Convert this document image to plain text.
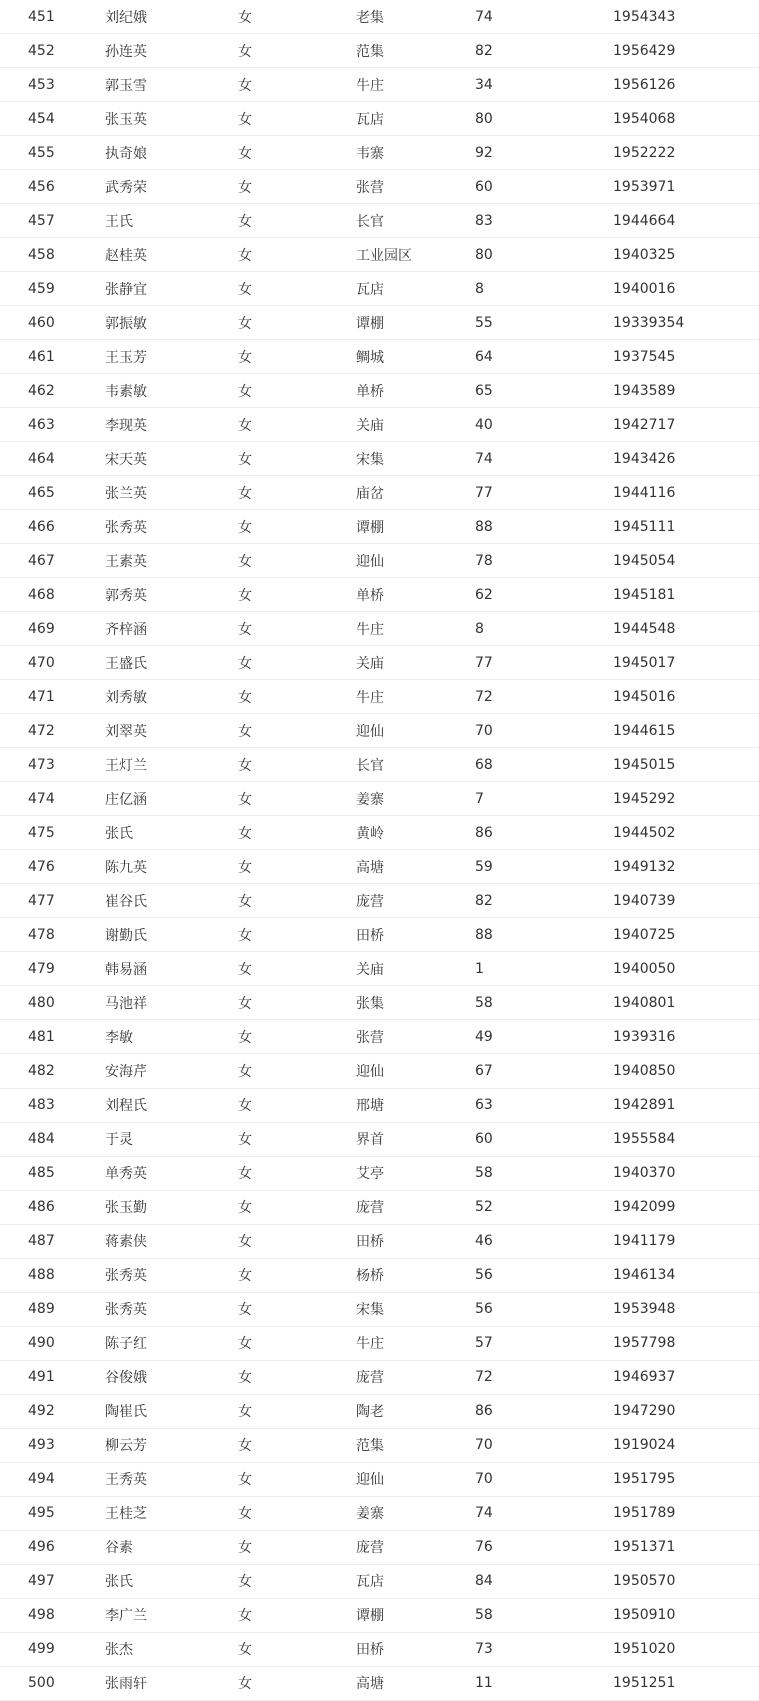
451	刘纪娥	女	老集	74	1954343
452	孙连英	女	范集	82	1956429
453	郭玉雪	女	牛庄	34	1956126
454	张玉英	女	瓦店	80	1954068
455	执奇娘	女	韦寨	92	1952222
456	武秀荣	女	张营	60	1953971
457	王氏	女	长官	83	1944664
458	赵桂英	女	工业园区	80	1940325
459	张静宜	女	瓦店	8	1940016
460	郭振敏	女	谭棚	55	19339354
461	王玉芳	女	鲷城	64	1937545
462	韦素敏	女	单桥	65	1943589
463	李现英	女	关庙	40	1942717
464	宋天英	女	宋集	74	1943426
465	张兰英	女	庙岔	77	1944116
466	张秀英	女	谭棚	88	1945111
467	王素英	女	迎仙	78	1945054
468	郭秀英	女	单桥	62	1945181
469	齐梓涵	女	牛庄	8	1944548
470	王盛氏	女	关庙	77	1945017
471	刘秀敏	女	牛庄	72	1945016
472	刘翠英	女	迎仙	70	1944615
473	王灯兰	女	长官	68	1945015
474	庄亿涵	女	姜寨	7	1945292
475	张氏	女	黄岭	86	1944502
476	陈九英	女	高塘	59	1949132
477	崔谷氏	女	庞营	82	1940739
478	谢勤氏	女	田桥	88	1940725
479	韩易涵	女	关庙	1	1940050
480	马池祥	女	张集	58	1940801
481	李敏	女	张营	49	1939316
482	安海芹	女	迎仙	67	1940850
483	刘程氏	女	邢塘	63	1942891
484	于灵	女	界首	60	1955584
485	单秀英	女	艾亭	58	1940370
486	张玉勤	女	庞营	52	1942099
487	蒋素侠	女	田桥	46	1941179
488	张秀英	女	杨桥	56	1946134
489	张秀英	女	宋集	56	1953948
490	陈子红	女	牛庄	57	1957798
491	谷俊娥	女	庞营	72	1946937
492	陶崔氏	女	陶老	86	1947290
493	柳云芳	女	范集	70	1919024
494	王秀英	女	迎仙	70	1951795
495	王桂芝	女	姜寨	74	1951789
496	谷素	女	庞营	76	1951371
497	张氏	女	瓦店	84	1950570
498	李广兰	女	谭棚	58	1950910
499	张杰	女	田桥	73	1951020
500	张雨轩	女	高塘	11	1951251
